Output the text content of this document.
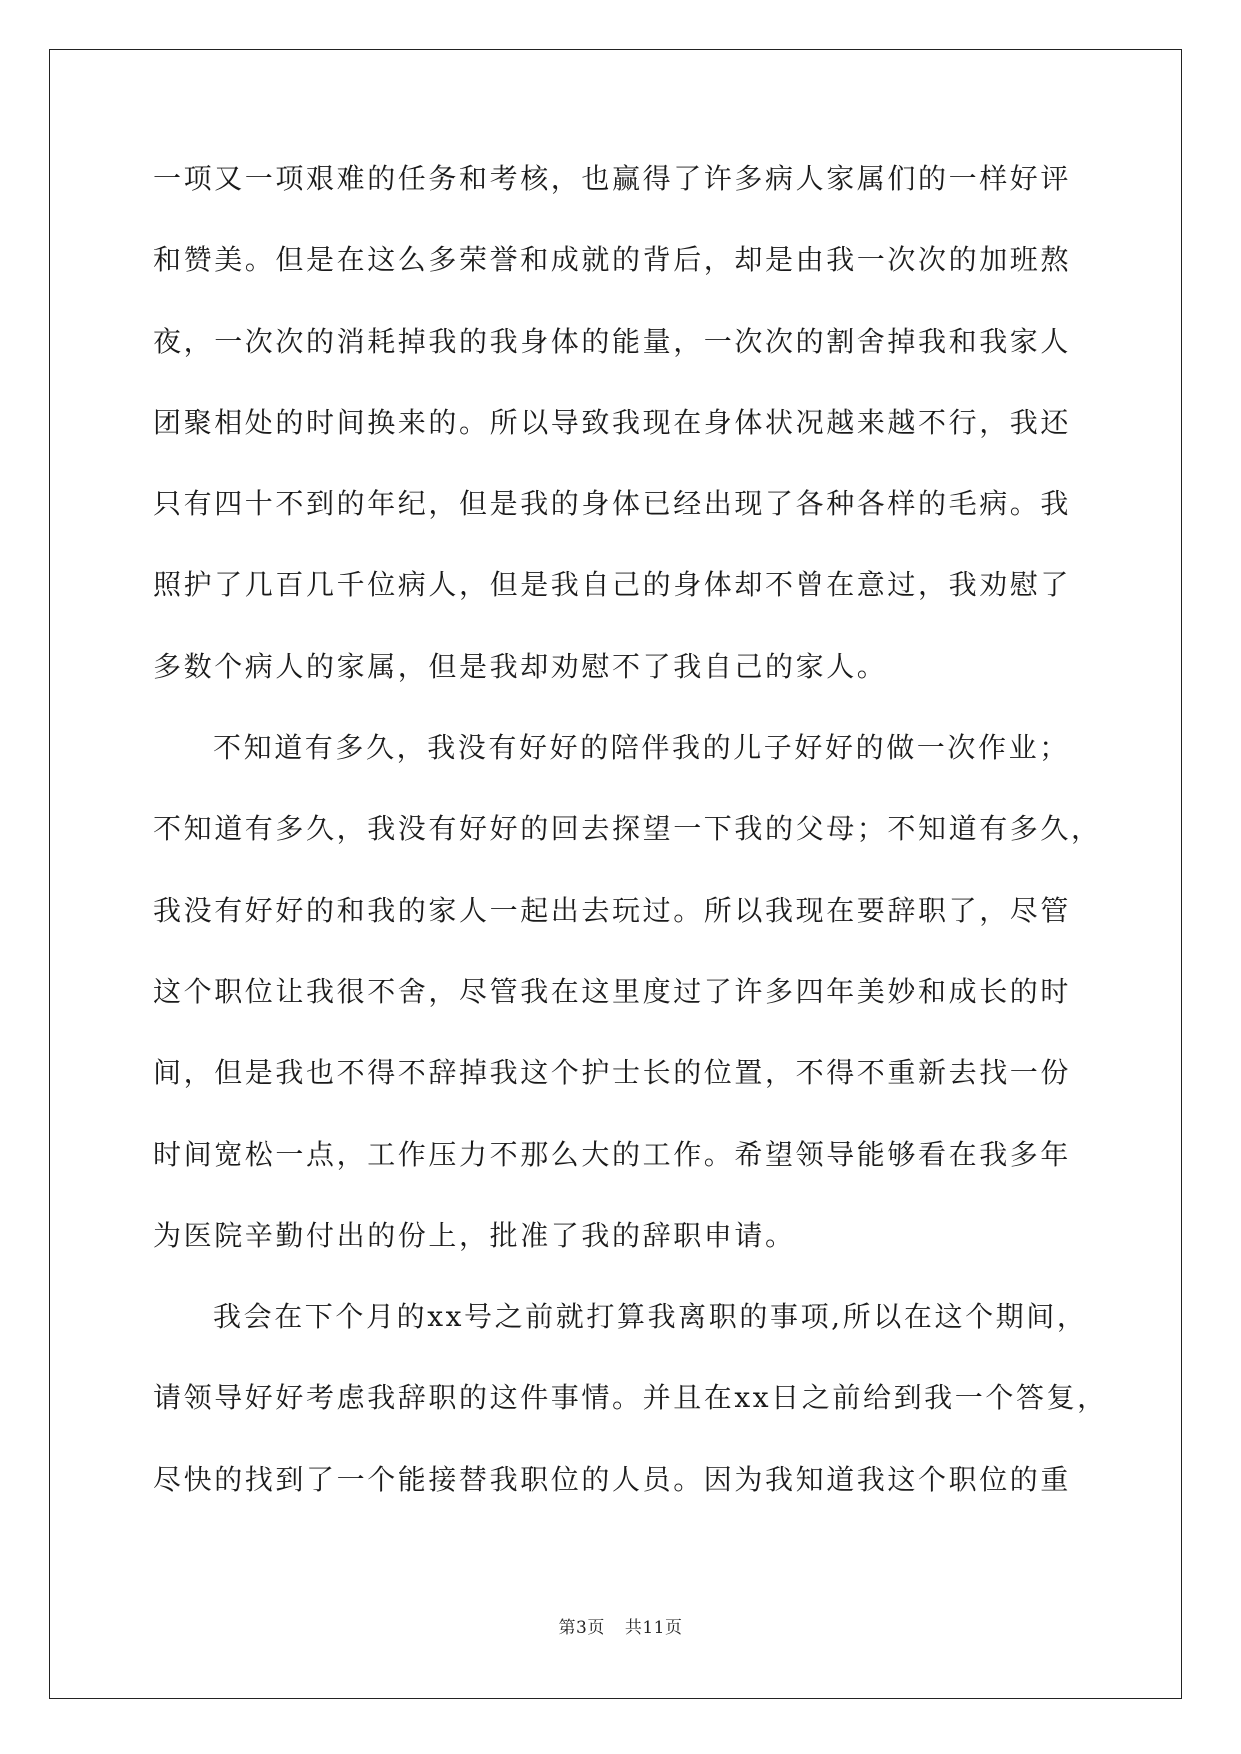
一项又一项艰难的任务和考核，也赢得了许多病人家属们的一样好评
和赞美。但是在这么多荣誉和成就的背后，却是由我一次次的加班熬
夜，一次次的消耗掉我的我身体的能量，一次次的割舍掉我和我家人
团聚相处的时间换来的。所以导致我现在身体状况越来越不行，我还
只有四十不到的年纪，但是我的身体已经出现了各种各样的毛病。我
照护了几百几千位病人，但是我自己的身体却不曾在意过，我劝慰了
多数个病人的家属，但是我却劝慰不了我自己的家人。
不知道有多久，我没有好好的陪伴我的儿子好好的做一次作业；
不知道有多久，我没有好好的回去探望一下我的父母；不知道有多久，
我没有好好的和我的家人一起出去玩过。所以我现在要辞职了，尽管
这个职位让我很不舍，尽管我在这里度过了许多四年美妙和成长的时
间，但是我也不得不辞掉我这个护士长的位置，不得不重新去找一份
时间宽松一点，工作压力不那么大的工作。希望领导能够看在我多年
为医院辛勤付出的份上，批准了我的辞职申请。
我会在下个月的xx号之前就打算我离职的事项,所以在这个期间，
请领导好好考虑我辞职的这件事情。并且在xx日之前给到我一个答复，
尽快的找到了一个能接替我职位的人员。因为我知道我这个职位的重
第3页 共11页
